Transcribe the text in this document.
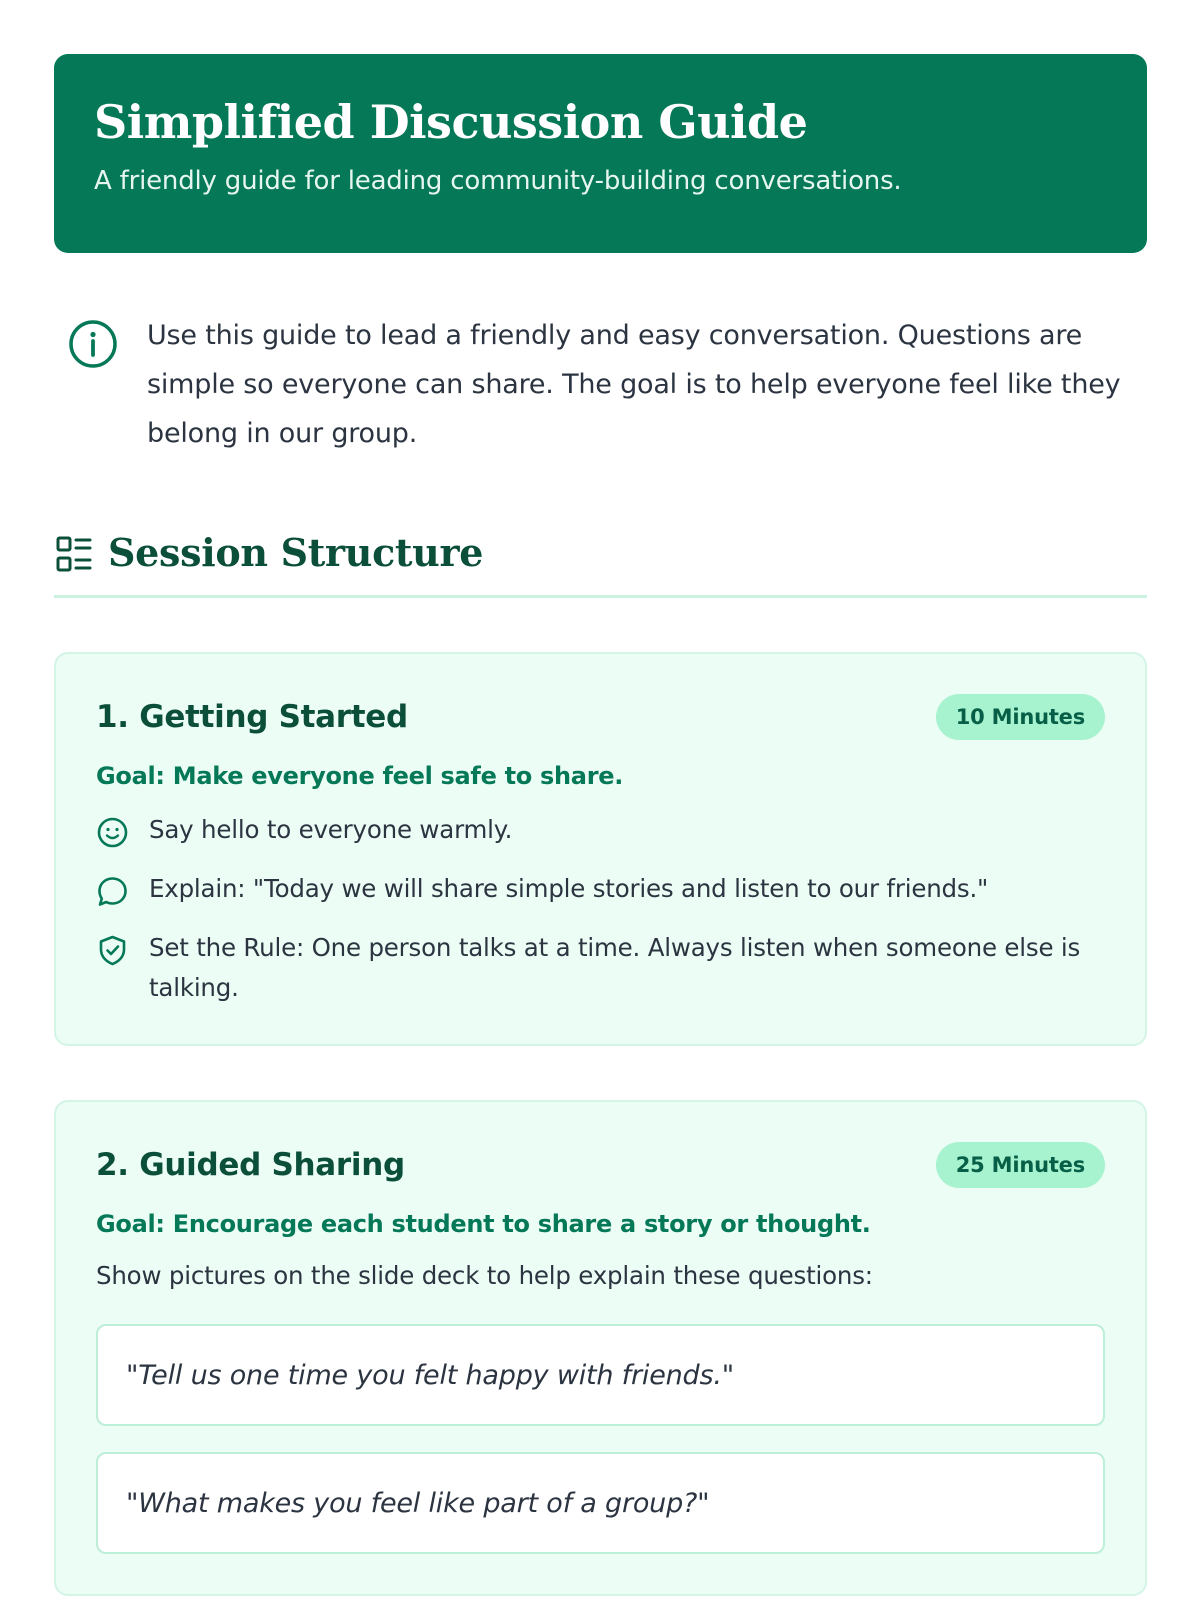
Simplified Discussion Guide

A friendly guide for leading community-building conversations.

Use this guide to lead a friendly and easy conversation. Questions are simple so everyone can share. The goal is to help everyone feel like they belong in our group.
Session Structure
1. Getting Started	10 Minutes

Goal: Make everyone feel safe to share.

Say hello to everyone warmly.
Explain: "Today we will share simple stories and listen to our friends."
Set the Rule: One person talks at a time. Always listen when someone else is talking.
2. Guided Sharing	25 Minutes

Goal: Encourage each student to share a story or thought.

Show pictures on the slide deck to help explain these questions:

"Tell us one time you felt happy with friends."
"What makes you feel like part of a group?"
